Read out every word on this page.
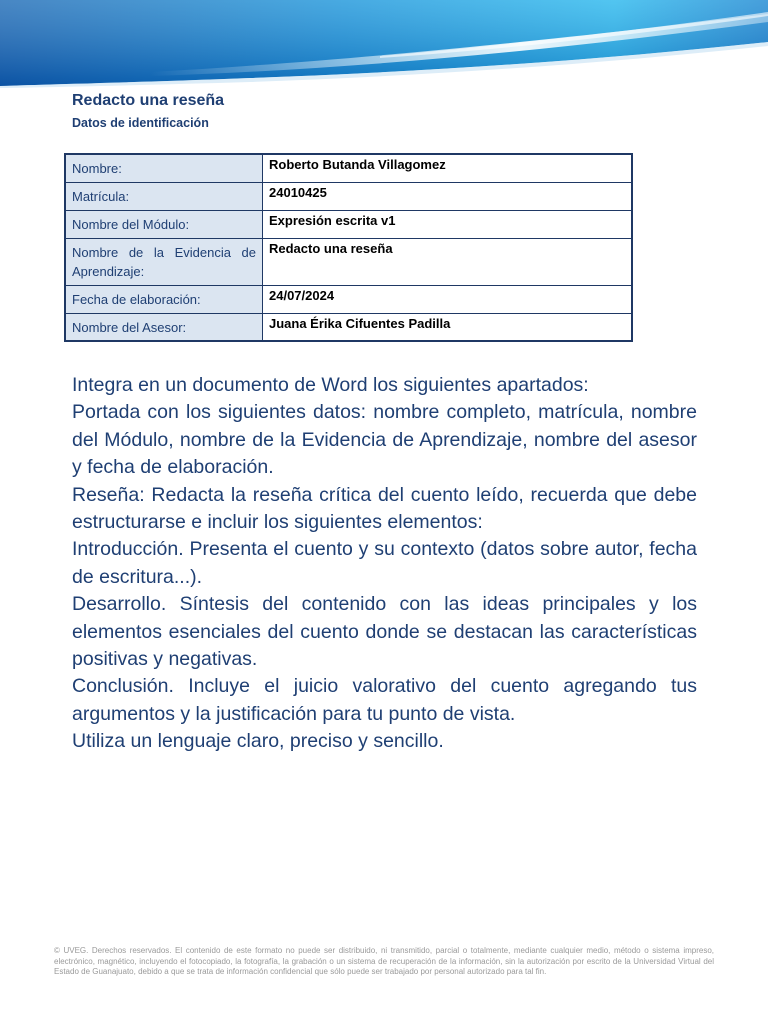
Redacto una reseña
Datos de identificación
Nombre:	Roberto Butanda Villagomez
Matrícula:	24010425
Nombre del Módulo:	Expresión escrita v1
Nombre de la Evidencia de Aprendizaje:	Redacto una reseña
Fecha de elaboración:	24/07/2024
Nombre del Asesor:	Juana Érika Cifuentes Padilla

Integra en un documento de Word los siguientes apartados:

Portada con los siguientes datos: nombre completo, matrícula, nombre del Módulo, nombre de la Evidencia de Aprendizaje, nombre del asesor y fecha de elaboración.

Reseña: Redacta la reseña crítica del cuento leído, recuerda que debe estructurarse e incluir los siguientes elementos:

Introducción. Presenta el cuento y su contexto (datos sobre autor, fecha de escritura...).

Desarrollo. Síntesis del contenido con las ideas principales y los elementos esenciales del cuento donde se destacan las características positivas y negativas.

Conclusión. Incluye el juicio valorativo del cuento agregando tus argumentos y la justificación para tu punto de vista.

Utiliza un lenguaje claro, preciso y sencillo.

© UVEG. Derechos reservados. El contenido de este formato no puede ser distribuido, ni transmitido, parcial o totalmente, mediante cualquier medio, método o sistema impreso, electrónico, magnético, incluyendo el fotocopiado, la fotografía, la grabación o un sistema de recuperación de la información, sin la autorización por escrito de la Universidad Virtual del Estado de Guanajuato, debido a que se trata de información confidencial que sólo puede ser trabajado por personal autorizado para tal fin.
